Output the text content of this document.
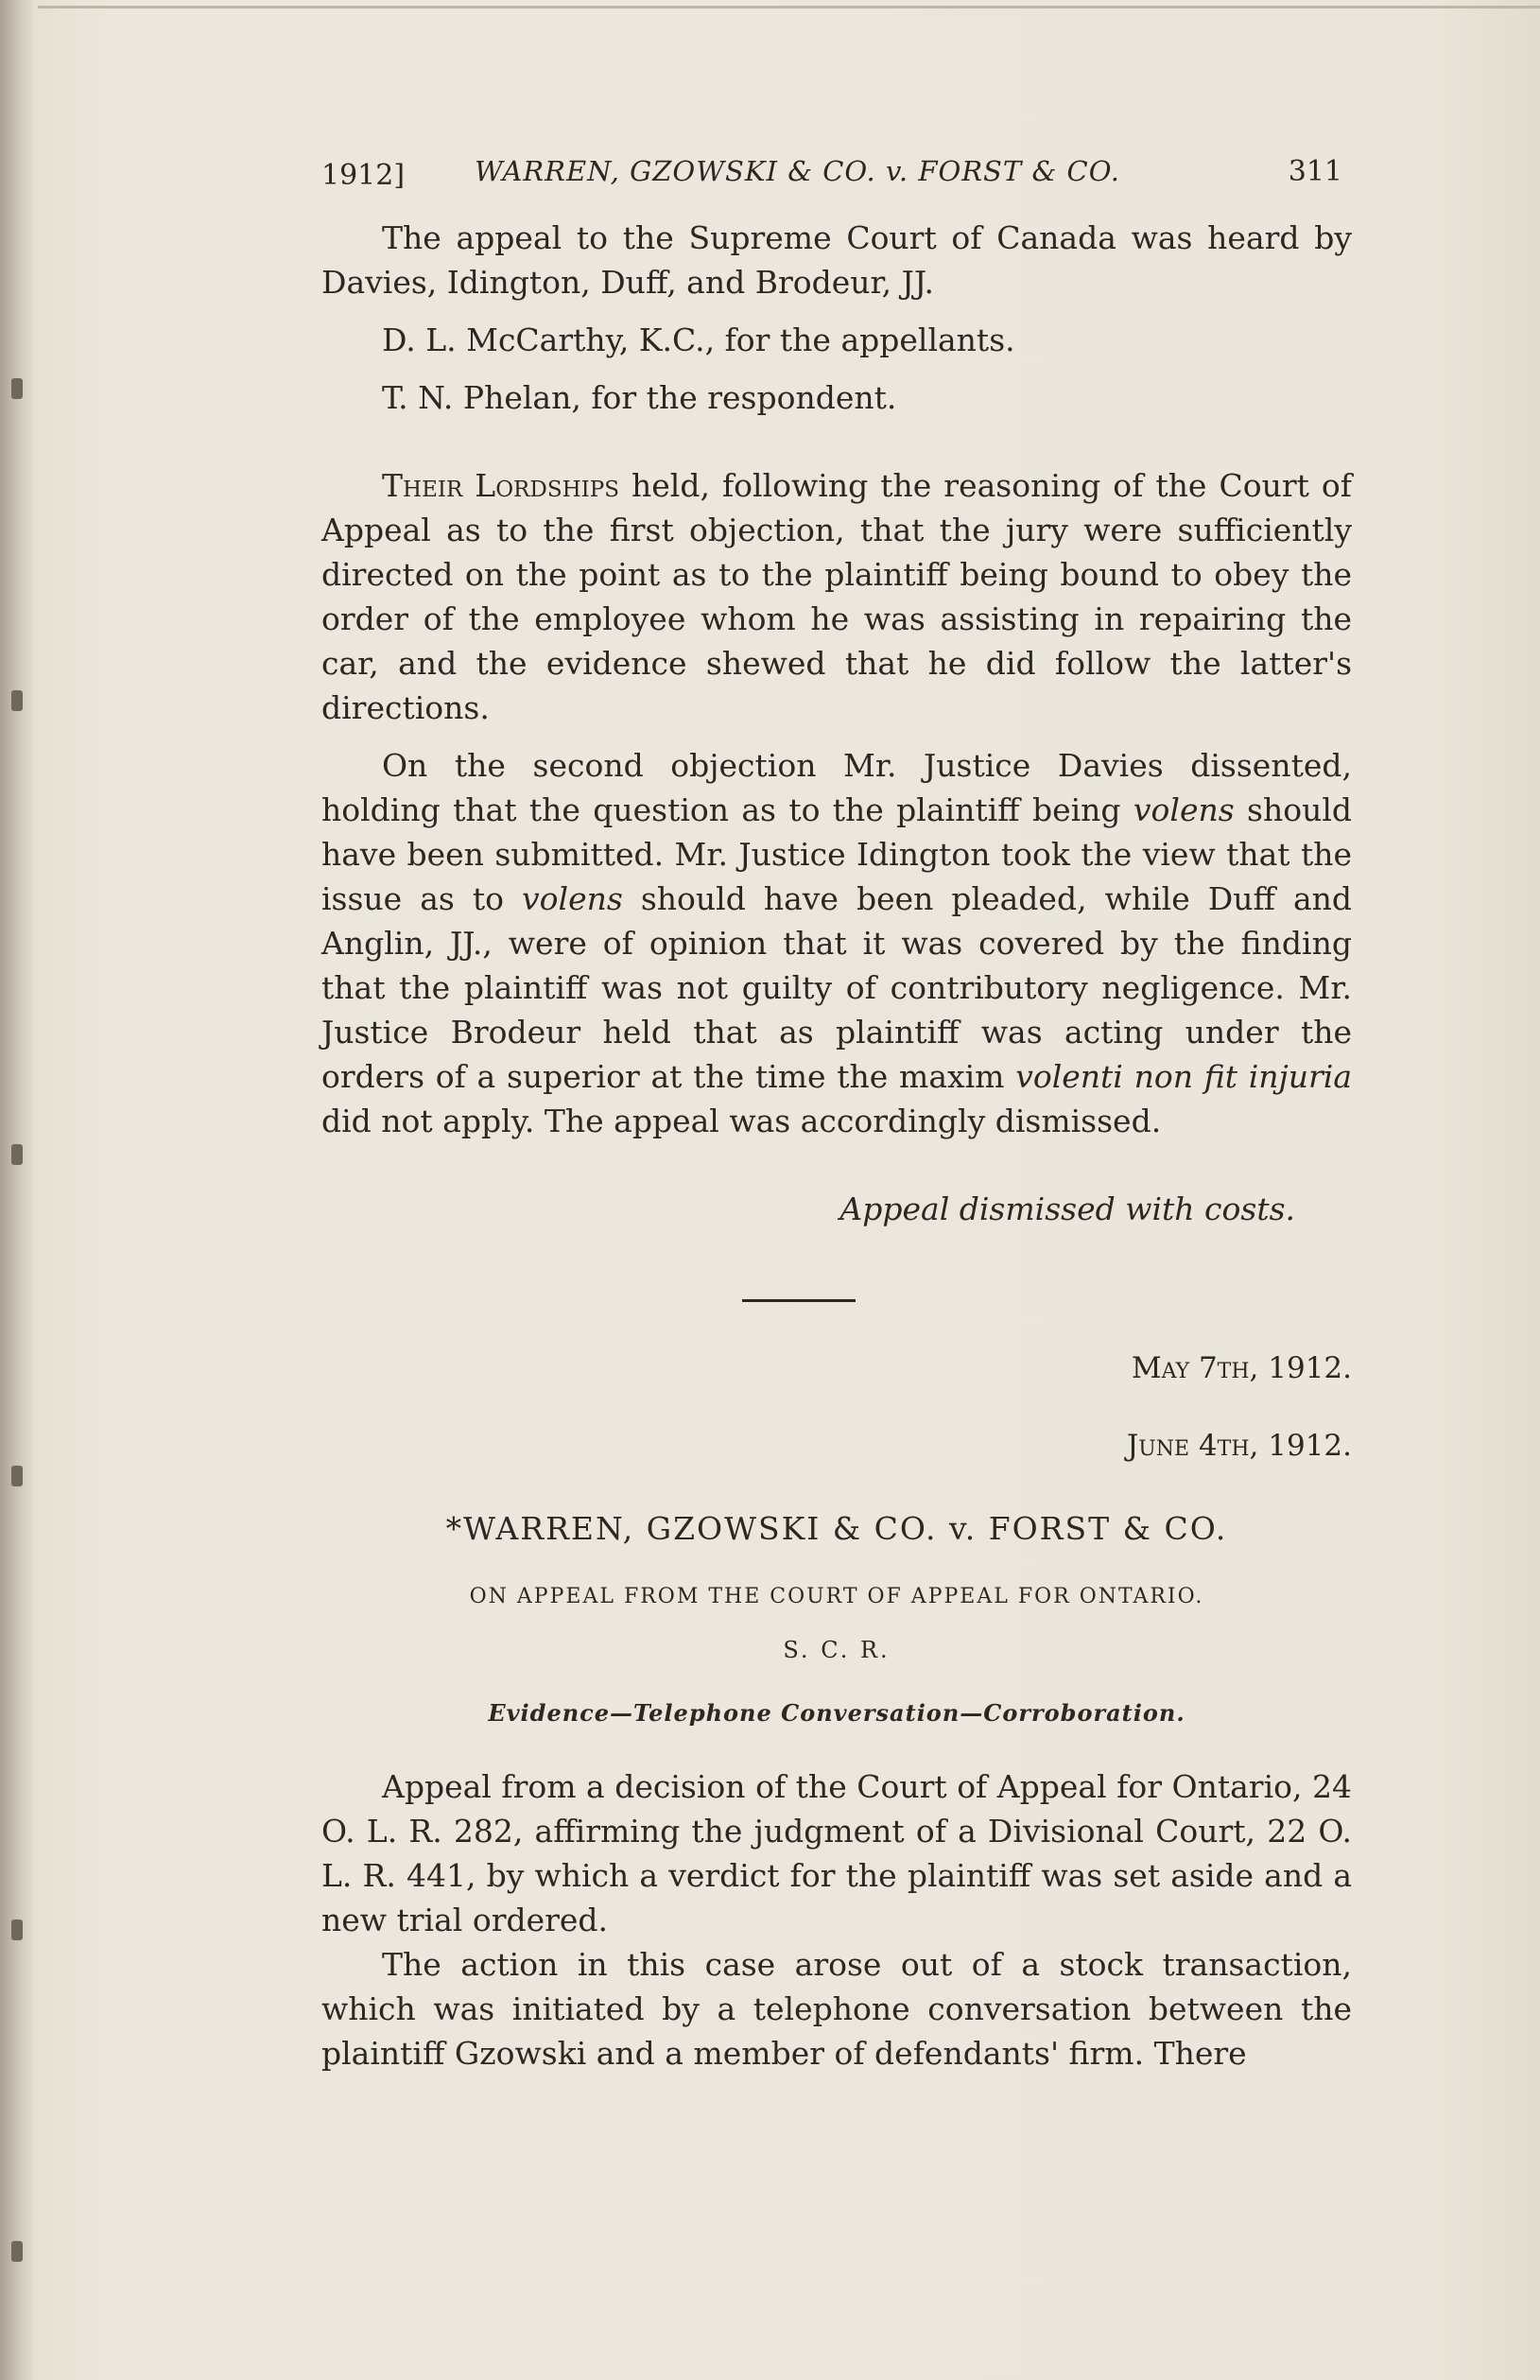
1912]	WARREN, GZOWSKI & CO. v. FORST & CO.	311

The appeal to the Supreme Court of Canada was heard by Davies, Idington, Duff, and Brodeur, JJ.

D. L. McCarthy, K.C., for the appellants.

T. N. Phelan, for the respondent.

Their Lordships held, following the reasoning of the Court of Appeal as to the first objection, that the jury were sufficiently directed on the point as to the plaintiff being bound to obey the order of the employee whom he was assisting in repairing the car, and the evidence shewed that he did follow the latter's directions.

On the second objection Mr. Justice Davies dissented, holding that the question as to the plaintiff being volens should have been submitted. Mr. Justice Idington took the view that the issue as to volens should have been pleaded, while Duff and Anglin, JJ., were of opinion that it was covered by the finding that the plaintiff was not guilty of contributory negligence. Mr. Justice Brodeur held that as plaintiff was acting under the orders of a superior at the time the maxim volenti non fit injuria did not apply. The appeal was accordingly dismissed.

Appeal dismissed with costs.
May 7th, 1912.
June 4th, 1912.
*WARREN, GZOWSKI & CO. v. FORST & CO.
ON APPEAL FROM THE COURT OF APPEAL FOR ONTARIO.
S. C. R.
Evidence—Telephone Conversation—Corroboration.

Appeal from a decision of the Court of Appeal for Ontario, 24 O. L. R. 282, affirming the judgment of a Divisional Court, 22 O. L. R. 441, by which a verdict for the plaintiff was set aside and a new trial ordered.

The action in this case arose out of a stock transaction, which was initiated by a telephone conversation between the plaintiff Gzowski and a member of defendants' firm. There
